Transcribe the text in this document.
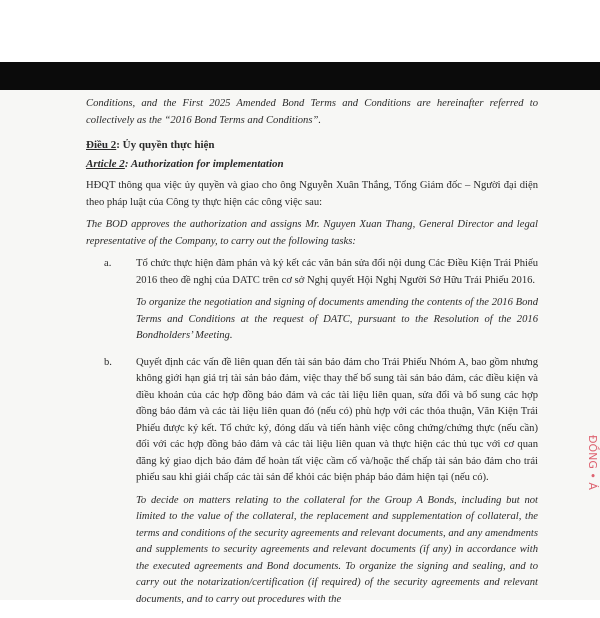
Conditions, and the First 2025 Amended Bond Terms and Conditions are hereinafter referred to collectively as the “2016 Bond Terms and Conditions”.

Điều 2: Ủy quyền thực hiện

Article 2: Authorization for implementation

HĐQT thông qua việc ủy quyền và giao cho ông Nguyễn Xuân Thắng, Tổng Giám đốc – Người đại diện theo pháp luật của Công ty thực hiện các công việc sau:

The BOD approves the authorization and assigns Mr. Nguyen Xuan Thang, General Director and legal representative of the Company, to carry out the following tasks:

a.	Tổ chức thực hiện đàm phán và ký kết các văn bản sửa đổi nội dung Các Điều Kiện Trái Phiếu 2016 theo đề nghị của DATC trên cơ sở Nghị quyết Hội Nghị Người Sở Hữu Trái Phiếu 2016.

To organize the negotiation and signing of documents amending the contents of the 2016 Bond Terms and Conditions at the request of DATC, pursuant to the Resolution of the 2016 Bondholders’ Meeting.

b.	Quyết định các vấn đề liên quan đến tài sản bảo đảm cho Trái Phiếu Nhóm A, bao gồm nhưng không giới hạn giá trị tài sản bảo đảm, việc thay thế bổ sung tài sản bảo đảm, các điều kiện và điều khoản của các hợp đồng bảo đảm và các tài liệu liên quan, sửa đổi và bổ sung các hợp đồng bảo đảm và các tài liệu liên quan đó (nếu có) phù hợp với các thỏa thuận, Văn Kiện Trái Phiếu được ký kết. Tổ chức ký, đóng dấu và tiến hành việc công chứng/chứng thực (nếu cần) đối với các hợp đồng bảo đảm và các tài liệu liên quan và thực hiện các thủ tục với cơ quan đăng ký giao dịch bảo đảm để hoàn tất việc cầm cố và/hoặc thế chấp tài sản bảo đảm cho trái phiếu sau khi giải chấp các tài sản để khỏi các biện pháp bảo đảm hiện tại (nếu có).

To decide on matters relating to the collateral for the Group A Bonds, including but not limited to the value of the collateral, the replacement and supplementation of collateral, the terms and conditions of the security agreements and relevant documents, and any amendments and supplements to security agreements and relevant documents (if any) in accordance with the executed agreements and Bond documents. To organize the signing and sealing, and to carry out the notarization/certification (if required) of the security agreements and relevant documents, and to carry out procedures with the

ĐỒNG • Á
